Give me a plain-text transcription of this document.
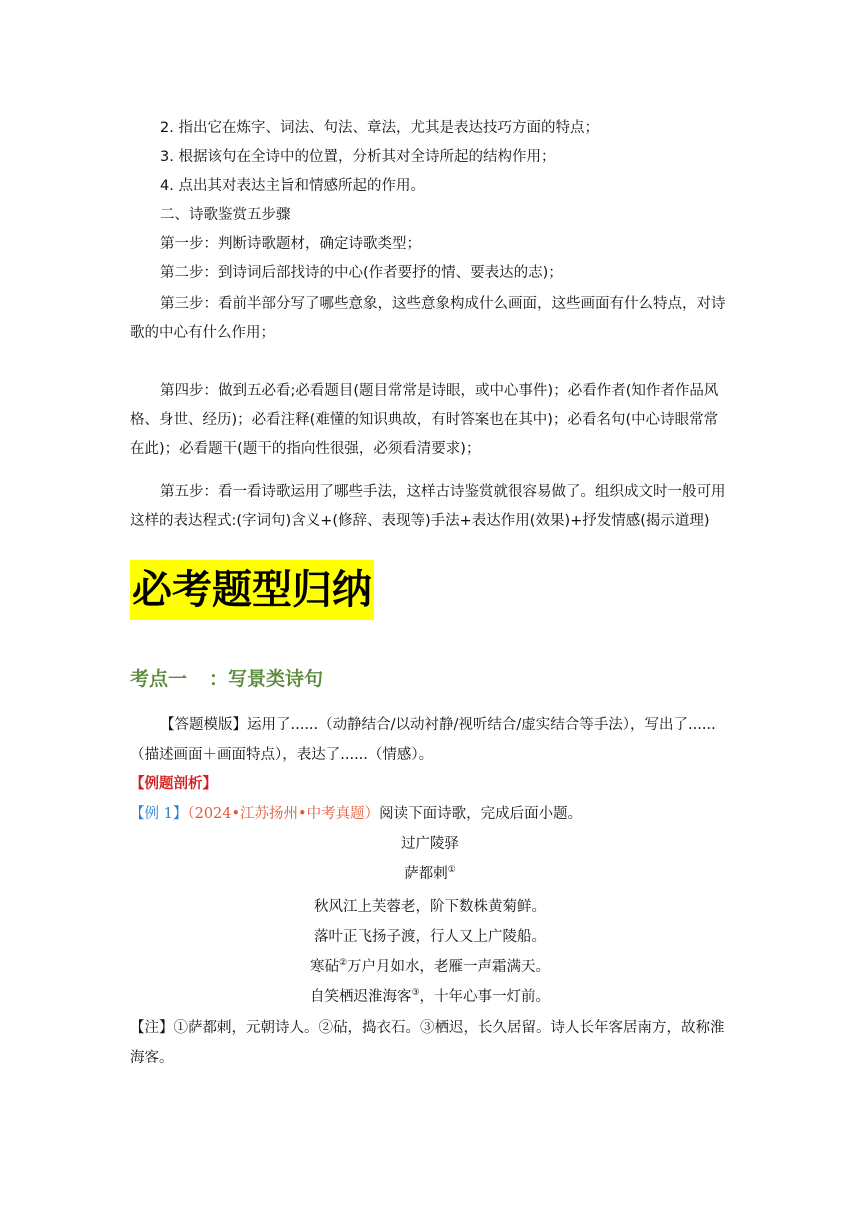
2. 指出它在炼字、词法、句法、章法，尤其是表达技巧方面的特点；

3. 根据该句在全诗中的位置，分析其对全诗所起的结构作用；

4. 点出其对表达主旨和情感所起的作用。

二、诗歌鉴赏五步骤

第一步：判断诗歌题材，确定诗歌类型；

第二步：到诗词后部找诗的中心(作者要抒的情、要表达的志)；

第三步：看前半部分写了哪些意象，这些意象构成什么画面，这些画面有什么特点，对诗歌的中心有什么作用；

第四步：做到五必看;必看题目(题目常常是诗眼，或中心事件)；必看作者(知作者作品风格、身世、经历)；必看注释(难懂的知识典故，有时答案也在其中)；必看名句(中心诗眼常常在此)；必看题干(题干的指向性很强，必须看清要求)；

第五步：看一看诗歌运用了哪些手法，这样古诗鉴赏就很容易做了。组织成文时一般可用这样的表达程式:(字词句)含义+(修辞、表现等)手法+表达作用(效果)+抒发情感(揭示道理)

必考题型归纳
考点一 ：写景类诗句

【答题模版】运用了......（动静结合/以动衬静/视听结合/虚实结合等手法），写出了......（描述画面＋画面特点），表达了......（情感）。

【例题剖析】

【例 1】（2024•江苏扬州•中考真题）阅读下面诗歌，完成后面小题。

过广陵驿

萨都剌①

秋风江上芙蓉老，阶下数株黄菊鲜。

落叶正飞扬子渡，行人又上广陵船。

寒砧②万户月如水，老雁一声霜满天。

自笑栖迟淮海客③，十年心事一灯前。

【注】①萨都剌，元朝诗人。②砧，捣衣石。③栖迟，长久居留。诗人长年客居南方，故称淮海客。
